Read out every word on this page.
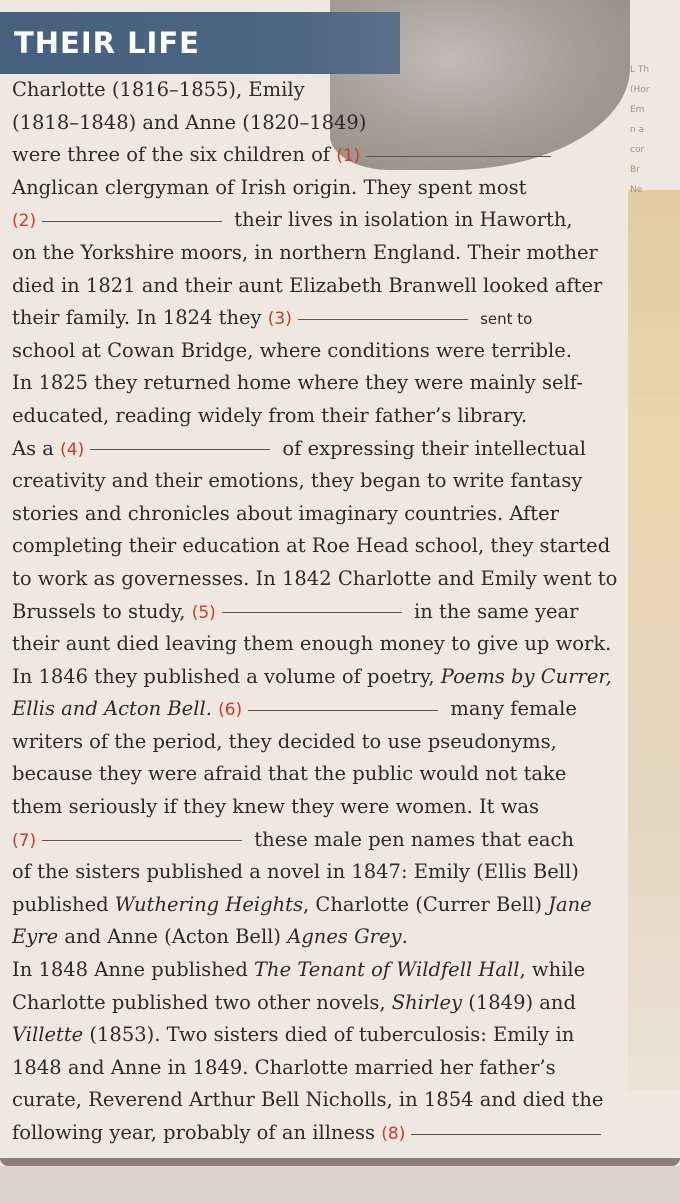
L Th
(Hor
Em
n a
cor
Br
Ne
THEIR LIFE
Charlotte (1816–1855), Emily
(1818–1848) and Anne (1820–1849)
were three of the six children of (1)
Anglican clergyman of Irish origin. They spent most
(2)	their lives in isolation in Haworth,
on the Yorkshire moors, in northern England. Their mother
died in 1821 and their aunt Elizabeth Branwell looked after
their family. In 1824 they (3)	sent to
school at Cowan Bridge, where conditions were terrible.
In 1825 they returned home where they were mainly self-
educated, reading widely from their father’s library.
As a (4)	of expressing their intellectual
creativity and their emotions, they began to write fantasy
stories and chronicles about imaginary countries. After
completing their education at Roe Head school, they started
to work as governesses. In 1842 Charlotte and Emily went to
Brussels to study, (5)	in the same year
their aunt died leaving them enough money to give up work.
In 1846 they published a volume of poetry, Poems by Currer,
Ellis and Acton Bell. (6)	many female
writers of the period, they decided to use pseudonyms,
because they were afraid that the public would not take
them seriously if they knew they were women. It was
(7)	these male pen names that each
of the sisters published a novel in 1847: Emily (Ellis Bell)
published Wuthering Heights, Charlotte (Currer Bell) Jane
Eyre and Anne (Acton Bell) Agnes Grey.
In 1848 Anne published The Tenant of Wildfell Hall, while
Charlotte published two other novels, Shirley (1849) and
Villette (1853). Two sisters died of tuberculosis: Emily in
1848 and Anne in 1849. Charlotte married her father’s
curate, Reverend Arthur Bell Nicholls, in 1854 and died the
following year, probably of an illness (8)
